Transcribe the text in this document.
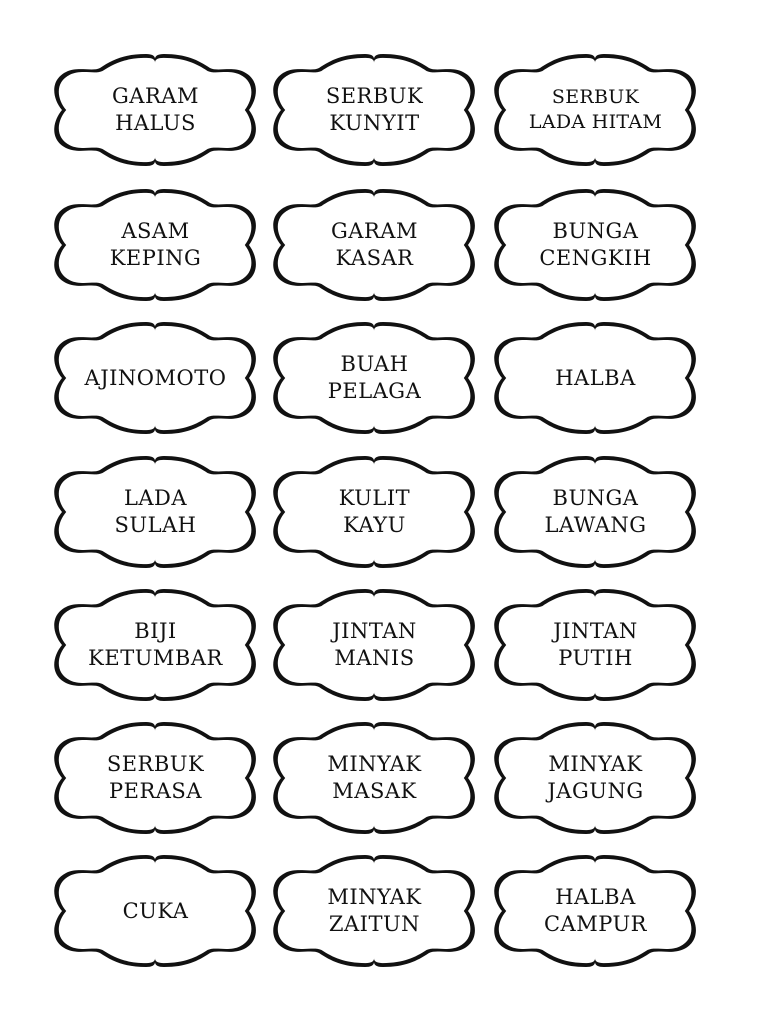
GARAM
HALUS
SERBUK
KUNYIT
SERBUK
LADA HITAM
ASAM
KEPING
GARAM
KASAR
BUNGA
CENGKIH
AJINOMOTO
BUAH
PELAGA
HALBA
LADA
SULAH
KULIT
KAYU
BUNGA
LAWANG
BIJI
KETUMBAR
JINTAN
MANIS
JINTAN
PUTIH
SERBUK
PERASA
MINYAK
MASAK
MINYAK
JAGUNG
CUKA
MINYAK
ZAITUN
HALBA
CAMPUR
